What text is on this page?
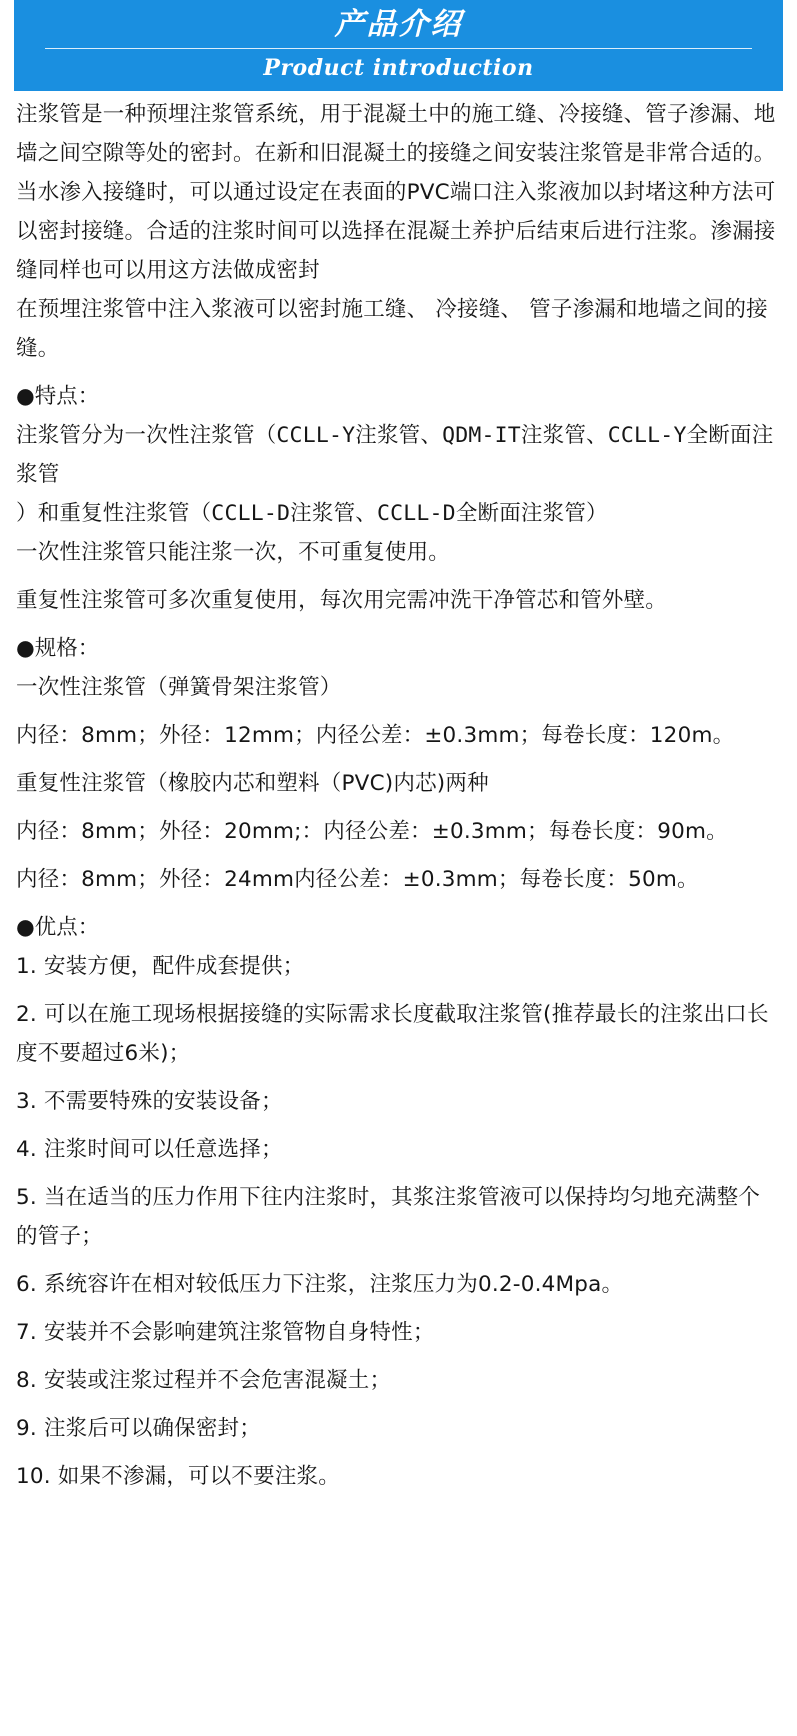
产品介绍
Product introduction

注浆管是一种预埋注浆管系统，用于混凝土中的施工缝、冷接缝、管子渗漏、地墙之间空隙等处的密封。在新和旧混凝土的接缝之间安装注浆管是非常合适的。当水渗入接缝时，可以通过设定在表面的PVC端口注入浆液加以封堵这种方法可以密封接缝。合适的注浆时间可以选择在混凝土养护后结束后进行注浆。渗漏接缝同样也可以用这方法做成密封

在预埋注浆管中注入浆液可以密封施工缝、 冷接缝、 管子渗漏和地墙之间的接缝。

●特点：

注浆管分为一次性注浆管（CCLL-Y注浆管、QDM-IT注浆管、CCLL-Y全断面注浆管

）和重复性注浆管（CCLL-D注浆管、CCLL-D全断面注浆管）

一次性注浆管只能注浆一次，不可重复使用。

重复性注浆管可多次重复使用，每次用完需冲洗干净管芯和管外壁。

●规格：

一次性注浆管（弹簧骨架注浆管）

内径：8mm；外径：12mm；内径公差：±0.3mm；每卷长度：120m。

重复性注浆管（橡胶内芯和塑料（PVC)内芯)两种

内径：8mm；外径：20mm;：内径公差：±0.3mm；每卷长度：90m。

内径：8mm；外径：24mm内径公差：±0.3mm；每卷长度：50m。

●优点：

1. 安装方便，配件成套提供；

2. 可以在施工现场根据接缝的实际需求长度截取注浆管(推荐最长的注浆出口长度不要超过6米)；

3. 不需要特殊的安装设备；

4. 注浆时间可以任意选择；

5. 当在适当的压力作用下往内注浆时，其浆注浆管液可以保持均匀地充满整个的管子；

6. 系统容许在相对较低压力下注浆，注浆压力为0.2-0.4Mpa。

7. 安装并不会影响建筑注浆管物自身特性；

8. 安装或注浆过程并不会危害混凝土；

9. 注浆后可以确保密封；

10. 如果不渗漏，可以不要注浆。
